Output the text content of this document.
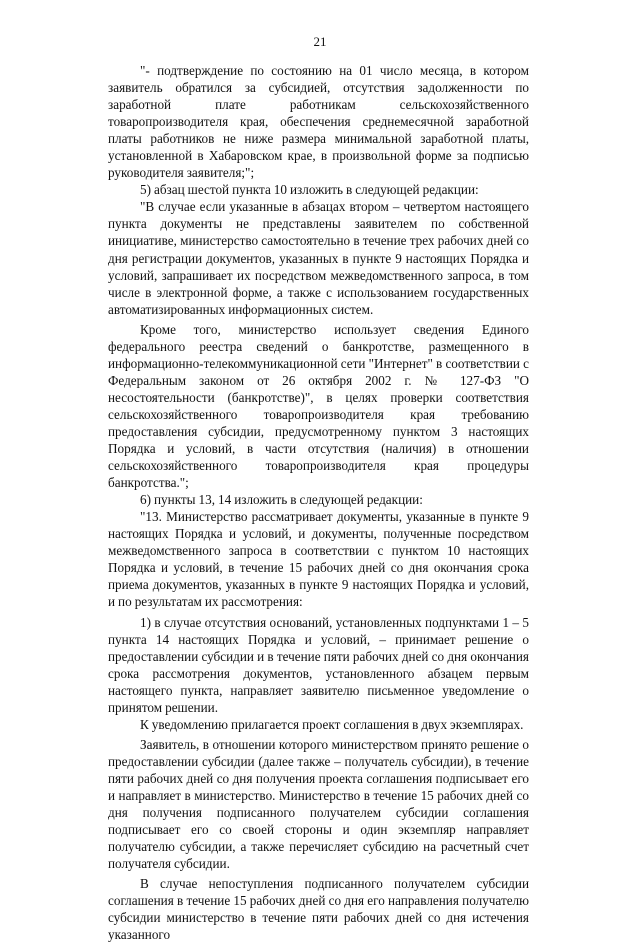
21

"- подтверждение по состоянию на 01 число месяца, в котором заявитель обратился за субсидией, отсутствия задолженности по заработной плате работникам сельскохозяйственного товаропроизводителя края, обеспечения среднемесячной заработной платы работников не ниже размера минимальной заработной платы, установленной в Хабаровском крае, в произвольной форме за подписью руководителя заявителя;";

5) абзац шестой пункта 10 изложить в следующей редакции:

"В случае если указанные в абзацах втором – четвертом настоящего пункта документы не представлены заявителем по собственной инициативе, министерство самостоятельно в течение трех рабочих дней со дня регистрации документов, указанных в пункте 9 настоящих Порядка и условий, запрашивает их посредством межведомственного запроса, в том числе в электронной форме, а также с использованием государственных автоматизированных информационных систем.

Кроме того, министерство использует сведения Единого федерального реестра сведений о банкротстве, размещенного в информационно-телекоммуникационной сети "Интернет" в соответствии с Федеральным законом от 26 октября 2002 г. № 127-ФЗ "О несостоятельности (банкротстве)", в целях проверки соответствия сельскохозяйственного товаропроизводителя края требованию предоставления субсидии, предусмотренному пунктом 3 настоящих Порядка и условий, в части отсутствия (наличия) в отношении сельскохозяйственного товаропроизводителя края процедуры банкротства.";

6) пункты 13, 14 изложить в следующей редакции:

"13. Министерство рассматривает документы, указанные в пункте 9 настоящих Порядка и условий, и документы, полученные посредством межведомственного запроса в соответствии с пунктом 10 настоящих Порядка и условий, в течение 15 рабочих дней со дня окончания срока приема документов, указанных в пункте 9 настоящих Порядка и условий, и по результатам их рассмотрения:

1) в случае отсутствия оснований, установленных подпунктами 1 – 5 пункта 14 настоящих Порядка и условий, – принимает решение о предоставлении субсидии и в течение пяти рабочих дней со дня окончания срока рассмотрения документов, установленного абзацем первым настоящего пункта, направляет заявителю письменное уведомление о принятом решении.

К уведомлению прилагается проект соглашения в двух экземплярах.

Заявитель, в отношении которого министерством принято решение о предоставлении субсидии (далее также – получатель субсидии), в течение пяти рабочих дней со дня получения проекта соглашения подписывает его и направляет в министерство. Министерство в течение 15 рабочих дней со дня получения подписанного получателем субсидии соглашения подписывает его со своей стороны и один экземпляр направляет получателю субсидии, а также перечисляет субсидию на расчетный счет получателя субсидии.

В случае непоступления подписанного получателем субсидии соглашения в течение 15 рабочих дней со дня его направления получателю субсидии министерство в течение пяти рабочих дней со дня истечения указанного
